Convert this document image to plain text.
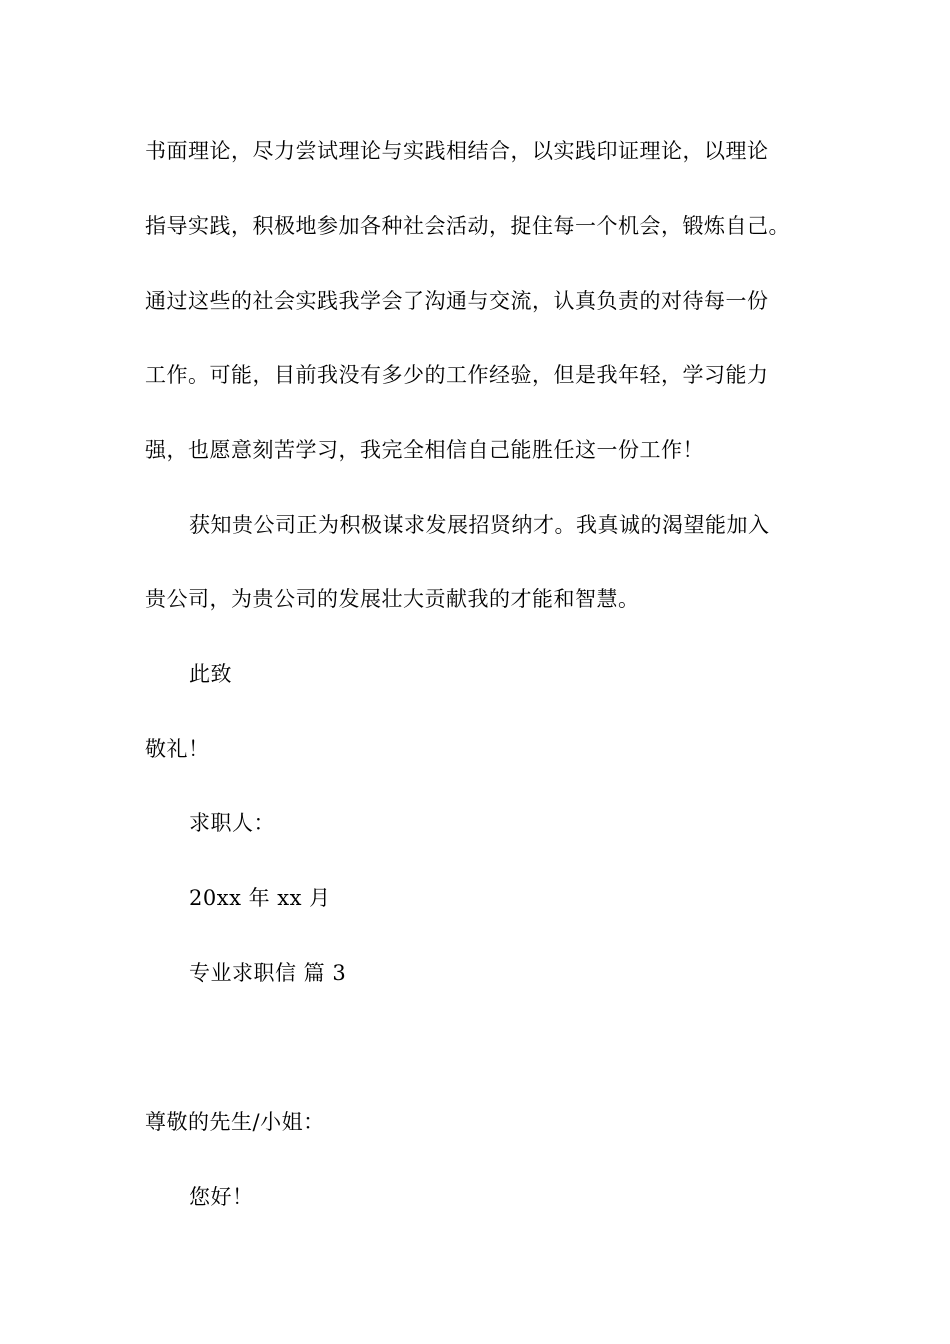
书面理论，尽力尝试理论与实践相结合，以实践印证理论，以理论
指导实践，积极地参加各种社会活动，捉住每一个机会，锻炼自己。
通过这些的社会实践我学会了沟通与交流，认真负责的对待每一份
工作。可能，目前我没有多少的工作经验，但是我年轻，学习能力
强，也愿意刻苦学习，我完全相信自己能胜任这一份工作！
获知贵公司正为积极谋求发展招贤纳才。我真诚的渴望能加入
贵公司，为贵公司的发展壮大贡献我的才能和智慧。
此致
敬礼！
求职人：
20xx 年 xx 月
专业求职信 篇 3
尊敬的先生/小姐：
您好！
